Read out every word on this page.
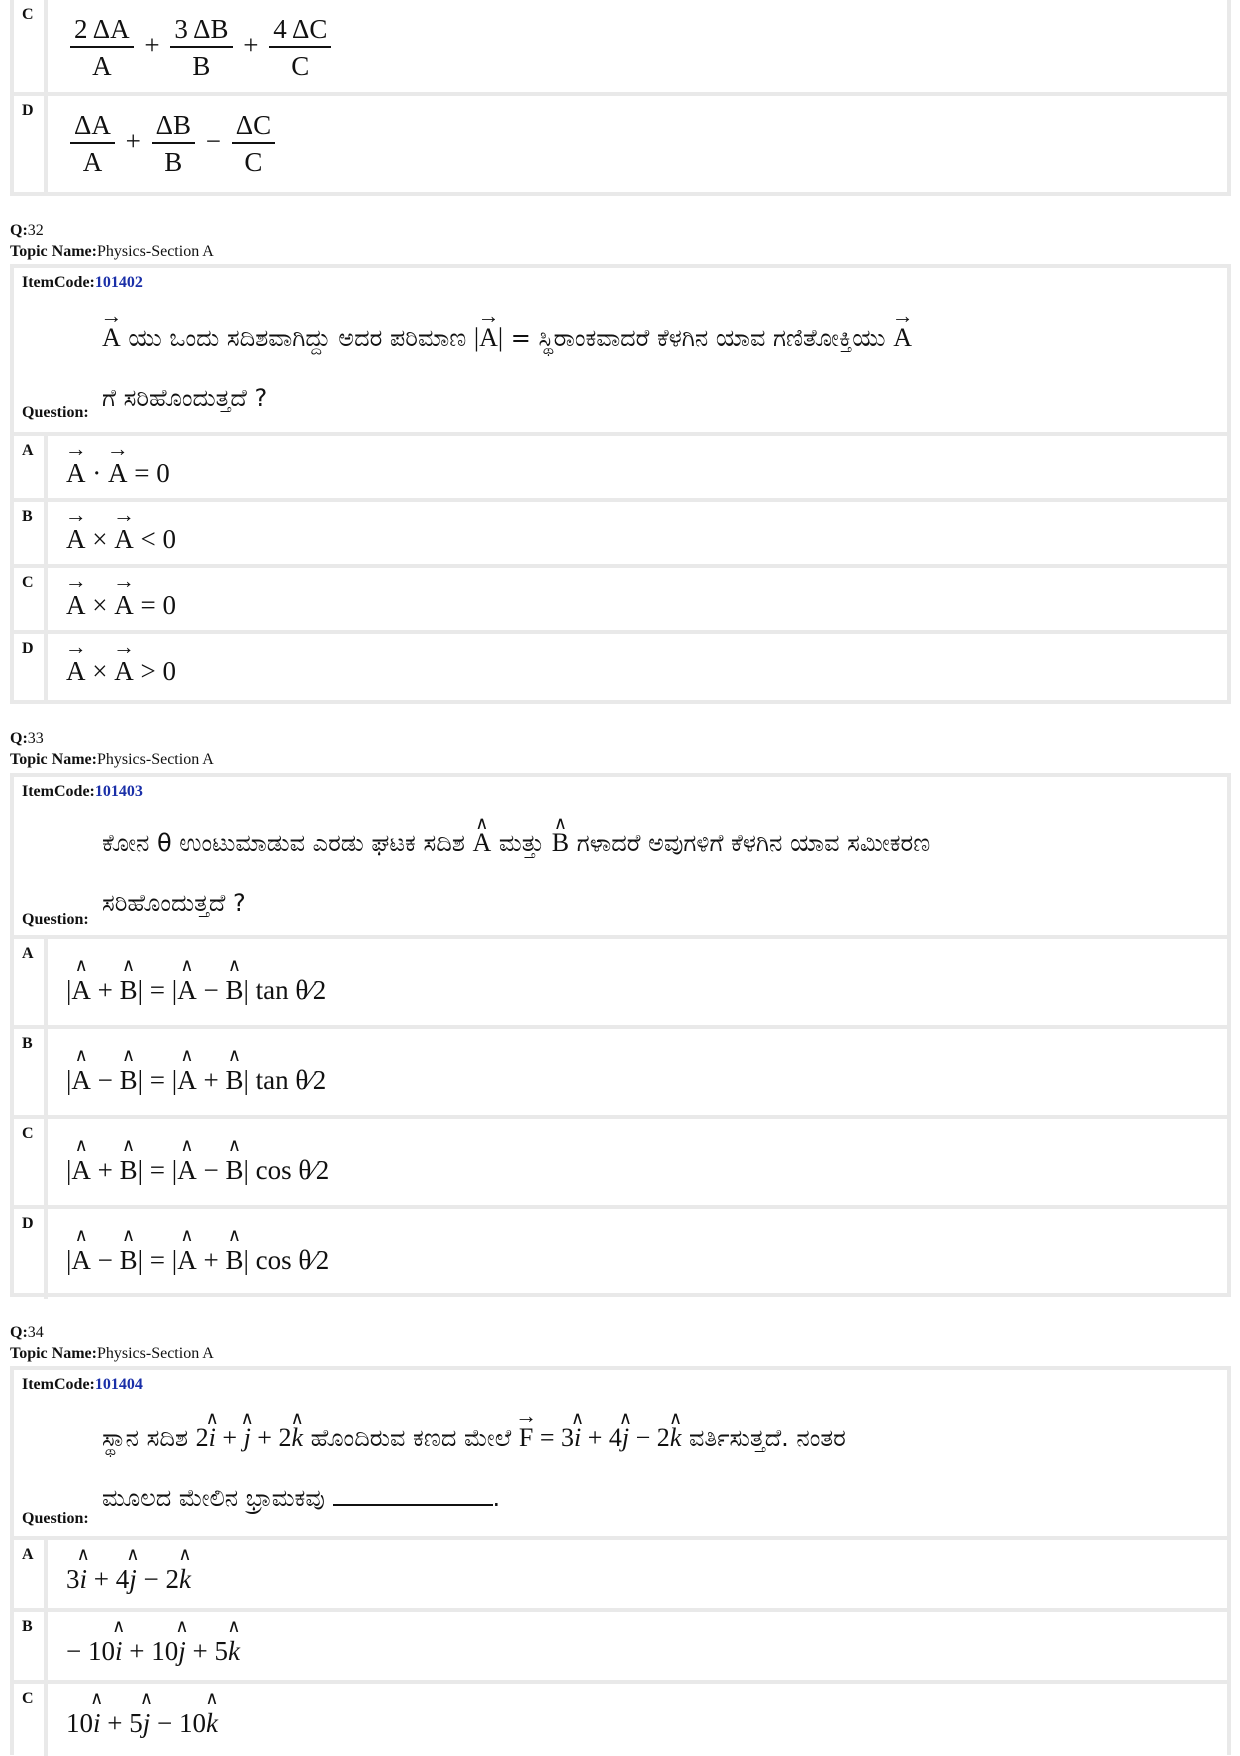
C $\frac{2 \Delta A}{A} + \frac{3 \Delta B}{B} + \frac{4 \Delta C}{C}$
D $\frac{\Delta A}{A} + \frac{\Delta B}{B} - \frac{\Delta C}{C}$
Q:32
Topic Name:Physics-Section A
ItemCode:101402
→ A ಯು ಒಂದು ಸದಿಶವಾಗಿದ್ದು ಅದರ ಪರಿಮಾಣ |→ A| = ಸ್ಥಿರಾಂಕವಾದರೆ ಕೆಳಗಿನ ಯಾವ ಗಣಿತೋಕ್ತಿಯು → A
ಗೆ ಸರಿಹೊಂದುತ್ತದೆ ?
Question:
A
→ A · → A = 0
B
→ A × → A < 0
C
→ A × → A = 0
D
→ A × → A > 0
Q:33
Topic Name:Physics-Section A
ItemCode:101403
ಕೋನ θ ಉಂಟುಮಾಡುವ ಎರಡು ಘಟಕ ಸದಿಶ ∧ A ಮತ್ತು ∧ B ಗಳಾದರೆ ಅವುಗಳಿಗೆ ಕೆಳಗಿನ ಯಾವ ಸಮೀಕರಣ
ಸರಿಹೊಂದುತ್ತದೆ ?
Question:
A
|∧ A + ∧ B| = |∧ A − ∧ B| tan θ⁄2
B
|∧ A − ∧ B| = |∧ A + ∧ B| tan θ⁄2
C
|∧ A + ∧ B| = |∧ A − ∧ B| cos θ⁄2
D
|∧ A − ∧ B| = |∧ A + ∧ B| cos θ⁄2
Q:34
Topic Name:Physics-Section A
ItemCode:101404
ಸ್ಥಾನ ಸದಿಶ 2∧ i + ∧ j + 2∧ k ಹೊಂದಿರುವ ಕಣದ ಮೇಲೆ → F = 3∧ i + 4∧ j − 2∧ k ವರ್ತಿಸುತ್ತದೆ. ನಂತರ
ಮೂಲದ ಮೇಲಿನ ಭ್ರಾಮಕವು	.
Question:
A
3∧ i + 4∧ j − 2∧ k
B
− 10∧ i + 10∧ j + 5∧ k
C
10∧ i + 5∧ j − 10∧ k
